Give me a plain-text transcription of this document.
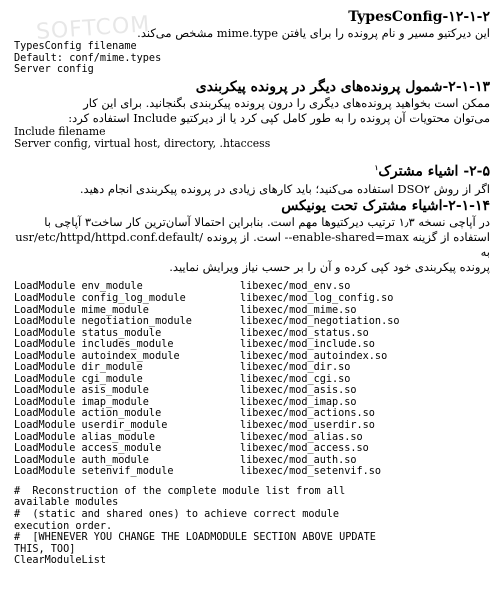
SOFTCOM	TypesConfig-۱۲-۱-۲
این دیرکتیو مسیر و نام پرونده را برای یافتن mime.type مشخص می‌کند.
TypesConfig filename
Default: conf/mime.types
Server config
۲-۱-۱۳-شمول پرونده‌های دیگر در پرونده پیکربندی
ممکن است بخواهید پرونده‌های دیگری را درون پرونده پیکربندی بگنجانید. برای این کار
می‌توان محتویات آن پرونده را به طور کامل کپی کرد یا از دیرکتیو Include استفاده کرد:
Include filename
Server config, virtual host, directory, .htaccess
۲-۵- اشیاء مشترک$^۱$
اگر از روش DSO۲ استفاده می‌کنید؛ باید کارهای زیادی در پرونده پیکربندی انجام دهید.
۲-۱-۱۴-اشیاء مشترک تحت یونیکس
در آپاچی نسخه ۱٫۳ ترتیب دیرکتیوها مهم است. بنابراین احتمالا آسان‌ترین کار ساخت۳ آپاچی با
استفاده از گزینه enable-shared=max-- است. از پرونده /usr/etc/httpd/httpd.conf.default به
پرونده پیکربندی خود کپی کرده و آن را بر حسب نیاز ویرایش نمایید.
LoadModule env_module	libexec/mod_env.so
LoadModule config_log_module	libexec/mod_log_config.so
LoadModule mime_module	libexec/mod_mime.so
LoadModule negotiation_module	libexec/mod_negotiation.so
LoadModule status_module	libexec/mod_status.so
LoadModule includes_module	libexec/mod_include.so
LoadModule autoindex_module	libexec/mod_autoindex.so
LoadModule dir_module	libexec/mod_dir.so
LoadModule cgi_module	libexec/mod_cgi.so
LoadModule asis_module	libexec/mod_asis.so
LoadModule imap_module	libexec/mod_imap.so
LoadModule action_module	libexec/mod_actions.so
LoadModule userdir_module	libexec/mod_userdir.so
LoadModule alias_module	libexec/mod_alias.so
LoadModule access_module	libexec/mod_access.so
LoadModule auth_module	libexec/mod_auth.so
LoadModule setenvif_module	libexec/mod_setenvif.so
#  Reconstruction of the complete module list from all
available modules
#  (static and shared ones) to achieve correct module
execution order.
#  [WHENEVER YOU CHANGE THE LOADMODULE SECTION ABOVE UPDATE
THIS, TOO]
ClearModuleList
